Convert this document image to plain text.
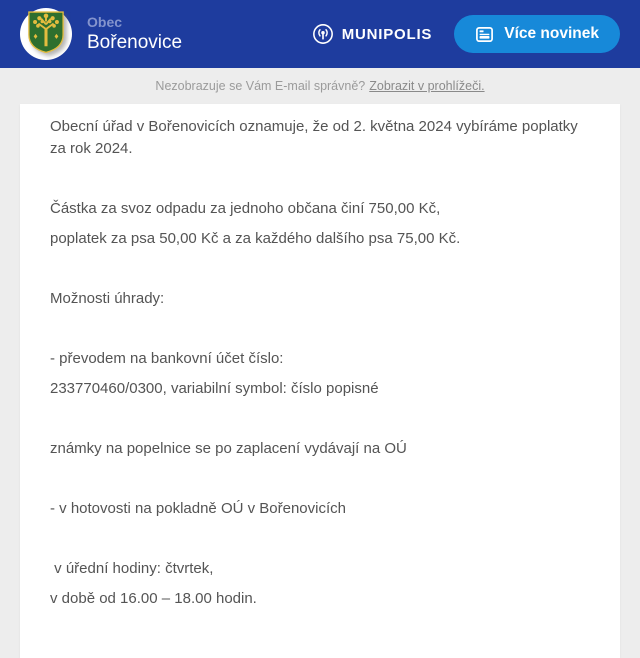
Obec
Bořenovice	MUNIPOLIS	Více novinek
Nezobrazuje se Vám E-mail správně? Zobrazit v prohlížeči.

Obecní úřad v Bořenovicích oznamuje, že od 2. května 2024 vybíráme poplatky za rok 2024.

Částka za svoz odpadu za jednoho občana činí 750,00 Kč,

poplatek za psa 50,00 Kč a za každého dalšího psa 75,00 Kč.

Možnosti úhrady:

- převodem na bankovní účet číslo:

233770460/0300, variabilní symbol: číslo popisné

známky na popelnice se po zaplacení vydávají na OÚ

- v hotovosti na pokladně OÚ v Bořenovicích

v úřední hodiny: čtvrtek,

v době od 16.00 – 18.00 hodin.
